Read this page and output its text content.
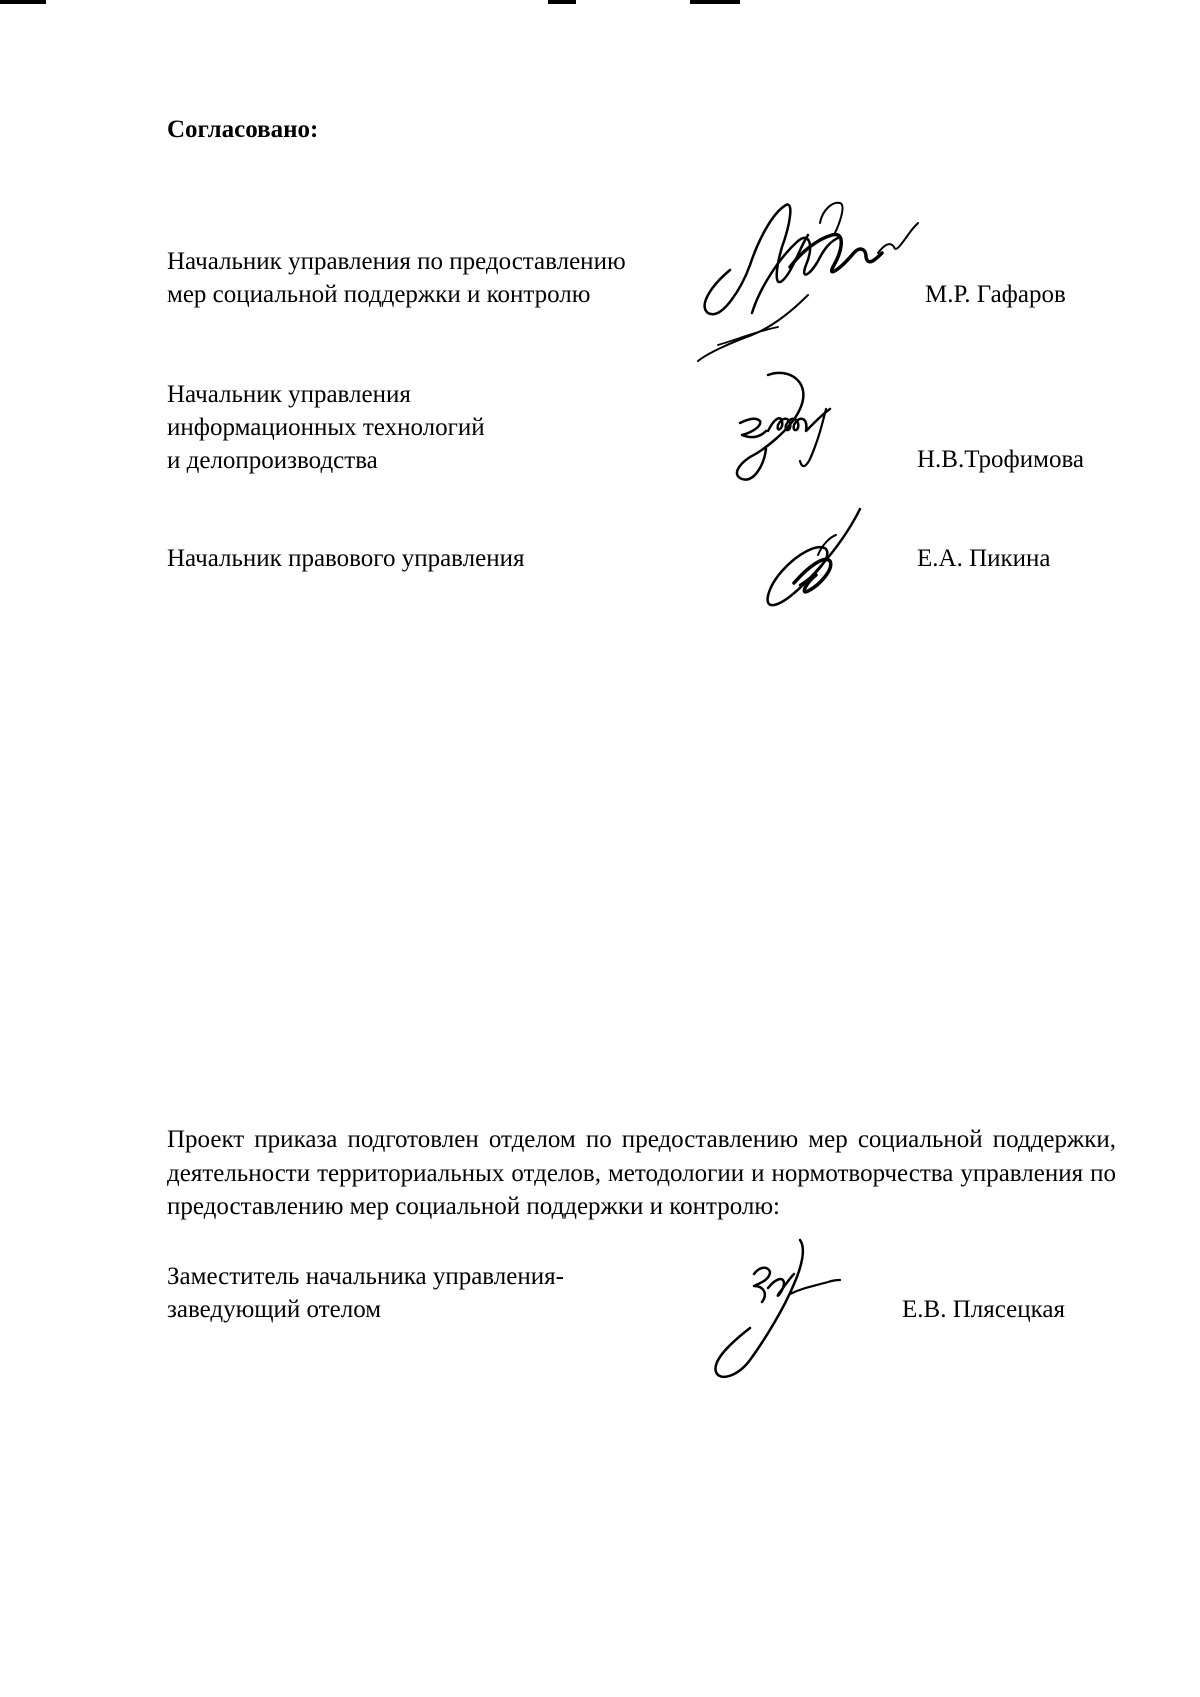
Согласовано:
Начальник управления по предоставлению
мер социальной поддержки и контролю	М.Р. Гафаров
Начальник управления
информационных технологий
и делопроизводства	Н.В.Трофимова
Начальник правового управления	Е.А. Пикина

Проект приказа подготовлен отделом по предоставлению мер социальной поддержки, деятельности территориальных отделов, методологии и нормотворчества управления по предоставлению мер социальной поддержки и контролю:

Заместитель начальника управления-
заведующий отелом	Е.В. Плясецкая
